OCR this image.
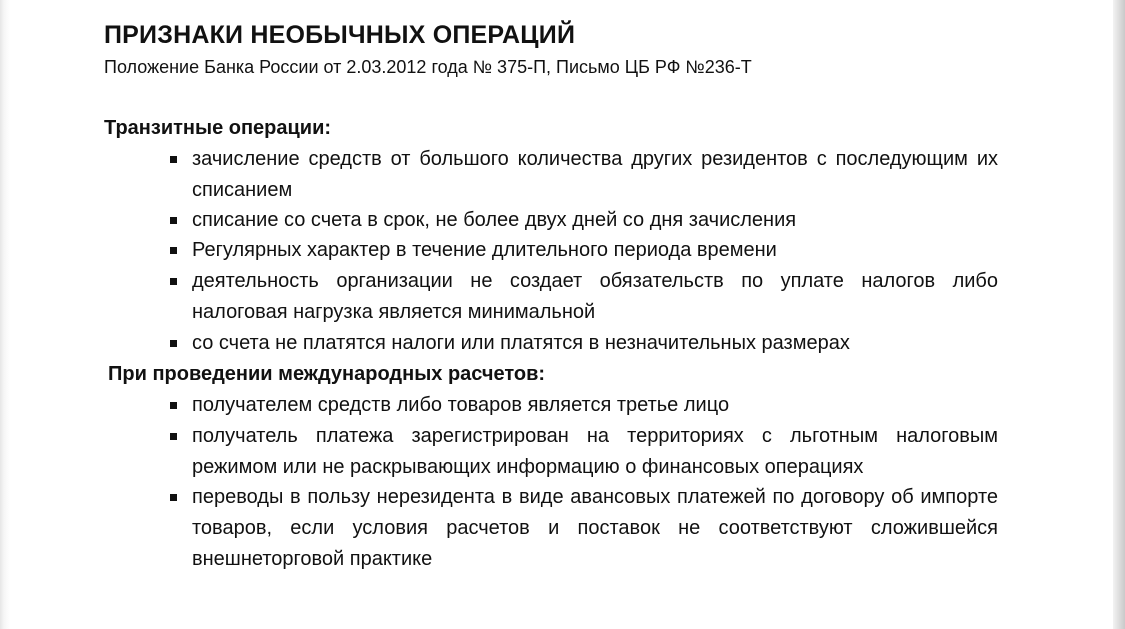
ПРИЗНАКИ НЕОБЫЧНЫХ ОПЕРАЦИЙ
Положение Банка России от 2.03.2012 года № 375-П, Письмо ЦБ РФ №236-Т
Транзитные операции:
зачисление средств от большого количества других резидентов с последующим их списанием
списание со счета в срок, не более двух дней со дня зачисления
Регулярных характер в течение длительного периода времени
деятельность организации не создает обязательств по уплате налогов либо налоговая нагрузка является минимальной
со счета не платятся налоги или платятся в незначительных размерах
При проведении международных расчетов:
получателем средств либо товаров является третье лицо
получатель платежа зарегистрирован на территориях с льготным налоговым режимом или не раскрывающих информацию о финансовых операциях
переводы в пользу нерезидента в виде авансовых платежей по договору об импорте товаров, если условия расчетов и поставок не соответствуют сложившейся внешнеторговой практике
